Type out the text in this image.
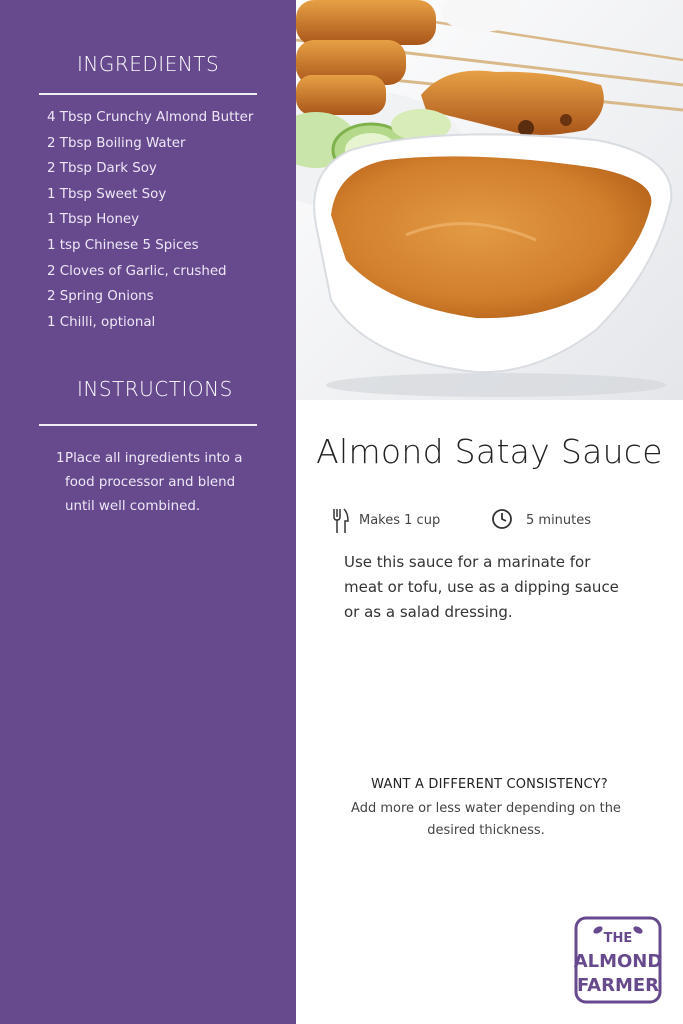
INGREDIENTS
4 Tbsp Crunchy Almond Butter
2 Tbsp Boiling Water
2 Tbsp Dark Soy
1 Tbsp Sweet Soy
1 Tbsp Honey
1 tsp Chinese 5 Spices
2 Cloves of Garlic, crushed
2 Spring Onions
1 Chilli, optional
INSTRUCTIONS
1.
Place all ingredients into a food processor and blend until well combined.
Almond Satay Sauce
Makes 1 cup	5 minutes
Use this sauce for a marinate for meat or tofu, use as a dipping sauce or as a salad dressing.
WANT A DIFFERENT CONSISTENCY?
Add more or less water depending on the desired thickness.
THE
ALMOND
FARMER
